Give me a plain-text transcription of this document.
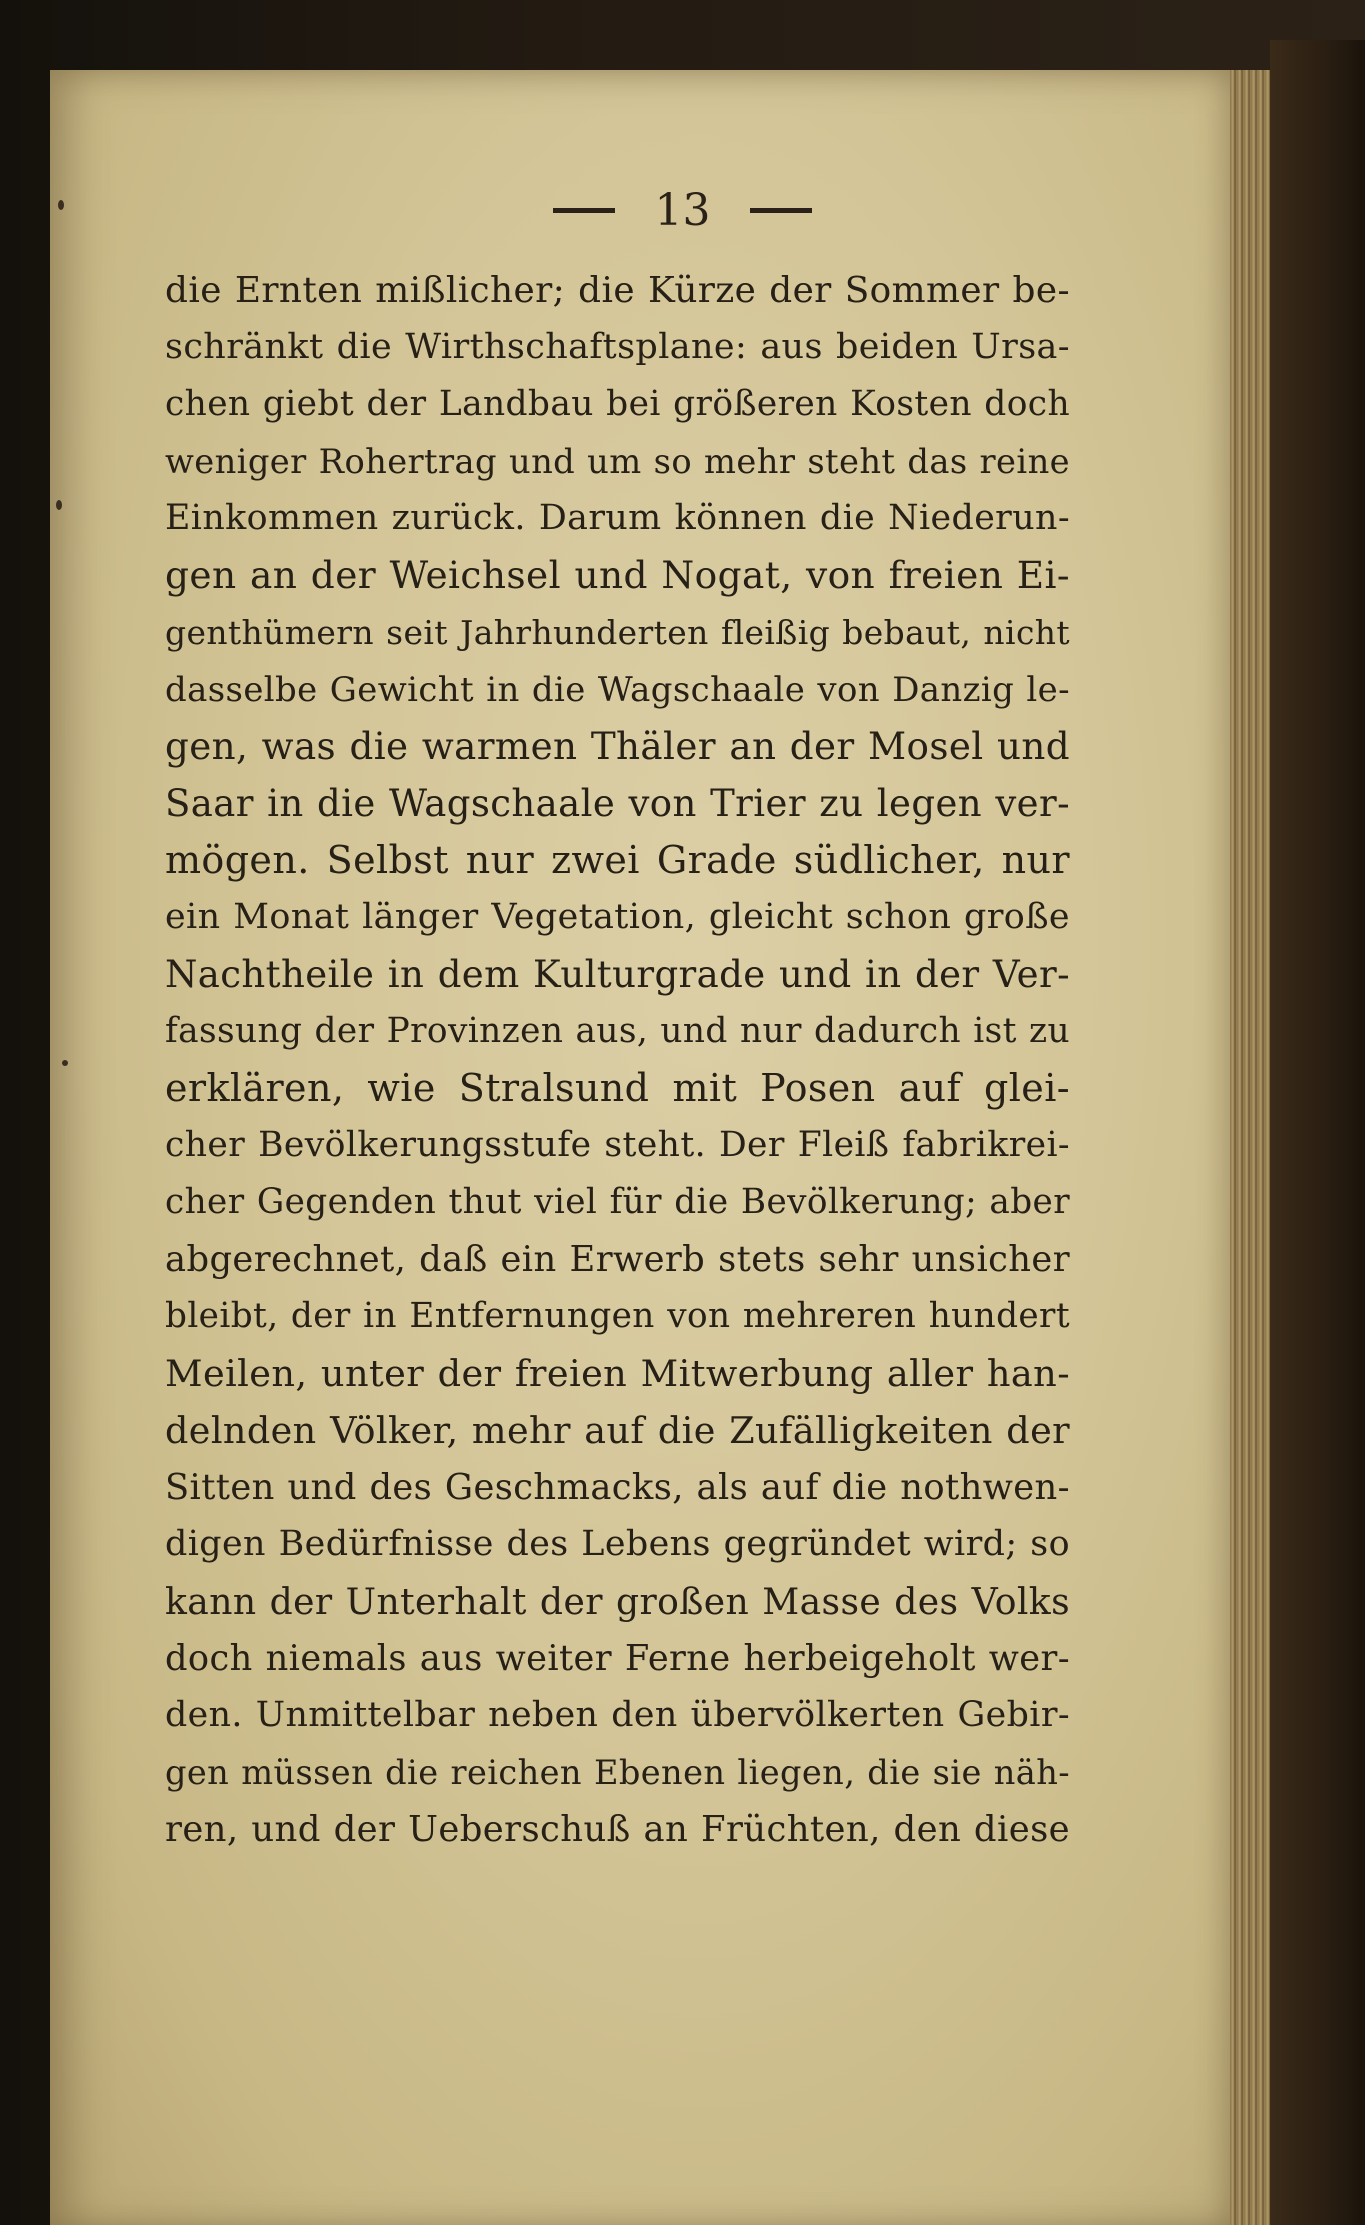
13
die Ernten mißlicher; die Kürze der Sommer be-
schränkt die Wirthschaftsplane: aus beiden Ursa-
chen giebt der Landbau bei größeren Kosten doch
weniger Rohertrag und um so mehr steht das reine
Einkommen zurück. Darum können die Niederun-
gen an der Weichsel und Nogat, von freien Ei-
genthümern seit Jahrhunderten fleißig bebaut, nicht
dasselbe Gewicht in die Wagschaale von Danzig le-
gen, was die warmen Thäler an der Mosel und
Saar in die Wagschaale von Trier zu legen ver-
mögen. Selbst nur zwei Grade südlicher, nur
ein Monat länger Vegetation, gleicht schon große
Nachtheile in dem Kulturgrade und in der Ver-
fassung der Provinzen aus, und nur dadurch ist zu
erklären, wie Stralsund mit Posen auf glei-
cher Bevölkerungsstufe steht. Der Fleiß fabrikrei-
cher Gegenden thut viel für die Bevölkerung; aber
abgerechnet, daß ein Erwerb stets sehr unsicher
bleibt, der in Entfernungen von mehreren hundert
Meilen, unter der freien Mitwerbung aller han-
delnden Völker, mehr auf die Zufälligkeiten der
Sitten und des Geschmacks, als auf die nothwen-
digen Bedürfnisse des Lebens gegründet wird; so
kann der Unterhalt der großen Masse des Volks
doch niemals aus weiter Ferne herbeigeholt wer-
den. Unmittelbar neben den übervölkerten Gebir-
gen müssen die reichen Ebenen liegen, die sie näh-
ren, und der Ueberschuß an Früchten, den diese
